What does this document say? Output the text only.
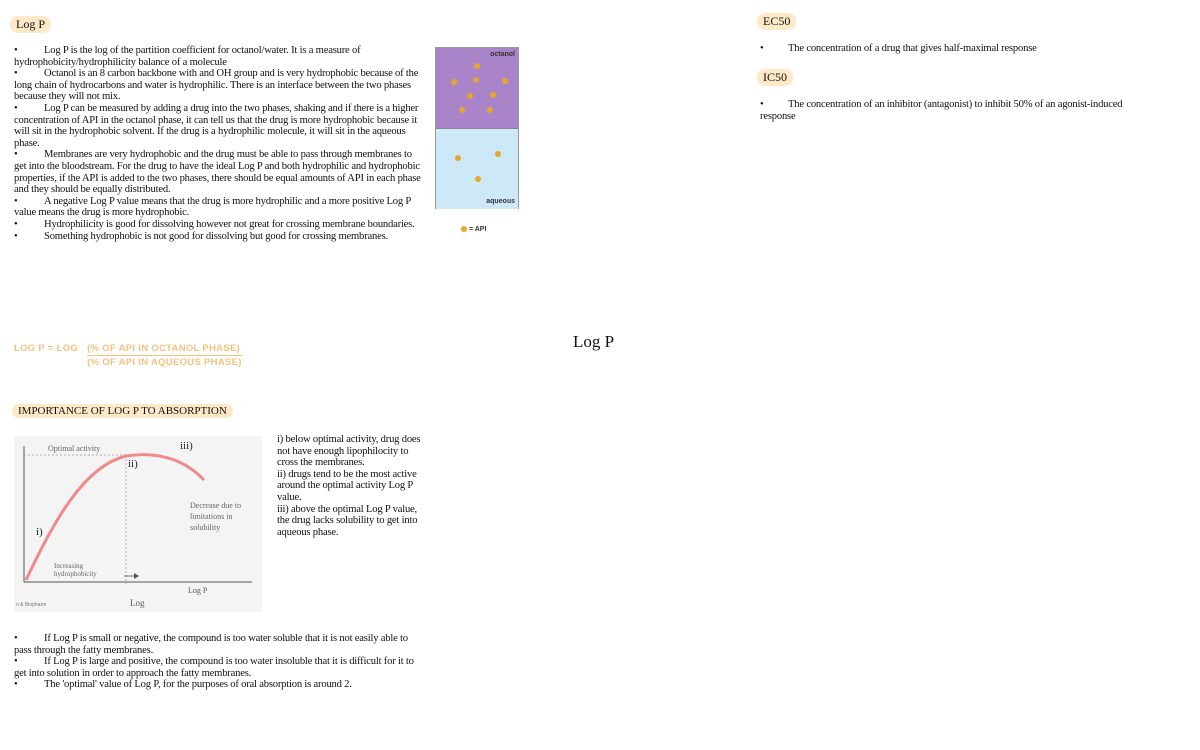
Log P
• Log P is the log of the partition coefficient for octanol/water. It is a measure of hydrophobicity/hydrophilicity balance of a molecule
• Octanol is an 8 carbon backbone with and OH group and is very hydrophobic because of the long chain of hydrocarbons and water is hydrophilic. There is an interface between the two phases because they will not mix.
• Log P can be measured by adding a drug into the two phases, shaking and if there is a higher concentration of API in the octanol phase, it can tell us that the drug is more hydrophobic because it will sit in the hydrophobic solvent. If the drug is a hydrophilic molecule, it will sit in the aqueous phase.
• Membranes are very hydrophobic and the drug must be able to pass through membranes to get into the bloodstream. For the drug to have the ideal Log P and both hydrophilic and hydrophobic properties, if the API is added to the two phases, there should be equal amounts of API in each phase and they should be equally distributed.
• A negative Log P value means that the drug is more hydrophilic and a more positive Log P value means the drug is more hydrophobic.
• Hydrophilicity is good for dissolving however not great for crossing membrane boundaries.
• Something hydrophobic is not good for dissolving but good for crossing membranes.
octanol
aqueous
= API
LOG P = LOG (% OF API IN OCTANOL PHASE)
(% OF API IN AQUEOUS PHASE)
IMPORTANCE OF LOG P TO ABSORPTION
Optimal activity	iii)
ii)
i)
Decrease due to limitations in solubility
Increasing hydrophobicity
Log
Log P
n & Biopharm
i) below optimal activity, drug does not have enough lipophilocity to cross the membranes.
ii) drugs tend to be the most active around the optimal activity Log P value.
iii) above the optimal Log P value, the drug lacks solubility to get into aqueous phase.
• If Log P is small or negative, the compound is too water soluble that it is not easily able to pass through the fatty membranes.
• If Log P is large and positive, the compound is too water insoluble that it is difficult for it to get into solution in order to approach the fatty membranes.
• The 'optimal' value of Log P, for the purposes of oral absorption is around 2.
Log P
EC50
• The concentration of a drug that gives half-maximal response
IC50
• The concentration of an inhibitor (antagonist) to inhibit 50% of an agonist-induced response
